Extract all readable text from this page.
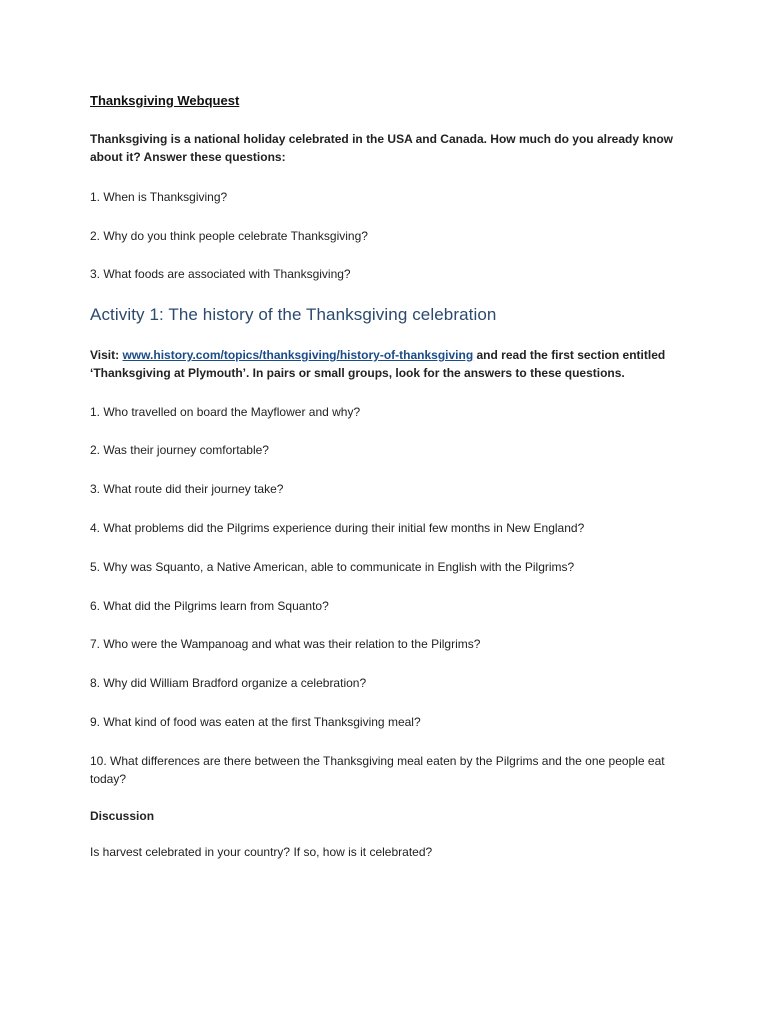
Thanksgiving Webquest

Thanksgiving is a national holiday celebrated in the USA and Canada. How much do you already know about it? Answer these questions:

1. When is Thanksgiving?

2. Why do you think people celebrate Thanksgiving?

3. What foods are associated with Thanksgiving?

Activity 1: The history of the Thanksgiving celebration

Visit: www.history.com/topics/thanksgiving/history-of-thanksgiving and read the first section entitled ‘Thanksgiving at Plymouth’. In pairs or small groups, look for the answers to these questions.

1. Who travelled on board the Mayflower and why?

2. Was their journey comfortable?

3. What route did their journey take?

4. What problems did the Pilgrims experience during their initial few months in New England?

5. Why was Squanto, a Native American, able to communicate in English with the Pilgrims?

6. What did the Pilgrims learn from Squanto?

7. Who were the Wampanoag and what was their relation to the Pilgrims?

8. Why did William Bradford organize a celebration?

9. What kind of food was eaten at the first Thanksgiving meal?

10. What differences are there between the Thanksgiving meal eaten by the Pilgrims and the one people eat today?

Discussion

Is harvest celebrated in your country? If so, how is it celebrated?
